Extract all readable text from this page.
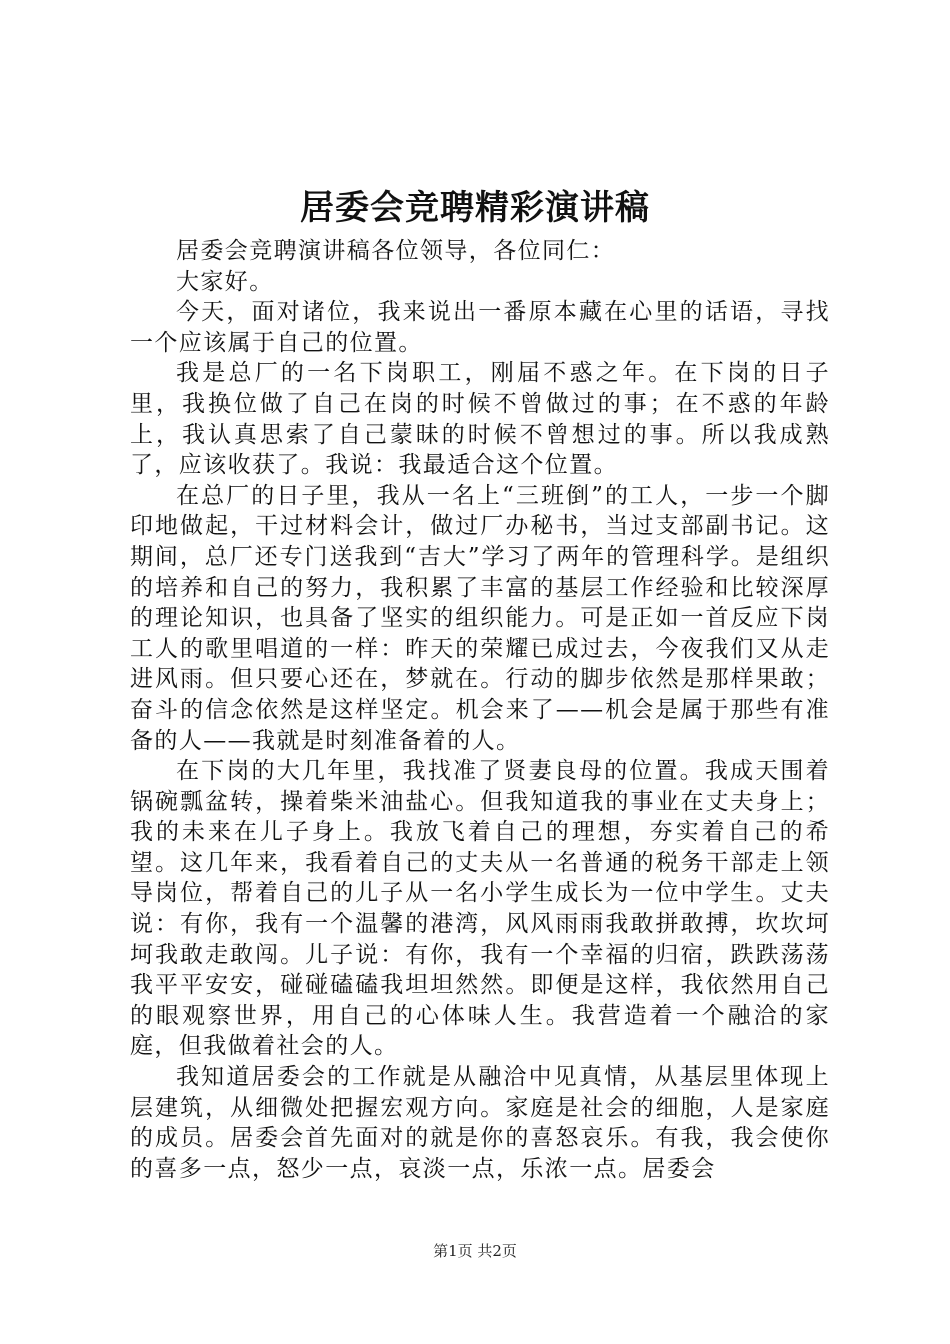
居委会竞聘精彩演讲稿

居委会竞聘演讲稿各位领导，各位同仁：

大家好。

今天，面对诸位，我来说出一番原本藏在心里的话语，寻找一个应该属于自己的位置。

我是总厂的一名下岗职工，刚届不惑之年。在下岗的日子里，我换位做了自己在岗的时候不曾做过的事；在不惑的年龄上，我认真思索了自己蒙昧的时候不曾想过的事。所以我成熟了，应该收获了。我说：我最适合这个位置。

在总厂的日子里，我从一名上“三班倒”的工人，一步一个脚印地做起，干过材料会计，做过厂办秘书，当过支部副书记。这期间，总厂还专门送我到“吉大”学习了两年的管理科学。是组织的培养和自己的努力，我积累了丰富的基层工作经验和比较深厚的理论知识，也具备了坚实的组织能力。可是正如一首反应下岗工人的歌里唱道的一样：昨天的荣耀已成过去，今夜我们又从走进风雨。但只要心还在，梦就在。行动的脚步依然是那样果敢；奋斗的信念依然是这样坚定。机会来了——机会是属于那些有准备的人——我就是时刻准备着的人。

在下岗的大几年里，我找准了贤妻良母的位置。我成天围着锅碗瓢盆转，操着柴米油盐心。但我知道我的事业在丈夫身上；我的未来在儿子身上。我放飞着自己的理想，夯实着自己的希望。这几年来，我看着自己的丈夫从一名普通的税务干部走上领导岗位，帮着自己的儿子从一名小学生成长为一位中学生。丈夫说：有你，我有一个温馨的港湾，风风雨雨我敢拼敢搏，坎坎坷坷我敢走敢闯。儿子说：有你，我有一个幸福的归宿，跌跌荡荡我平平安安，碰碰磕磕我坦坦然然。即便是这样，我依然用自己的眼观察世界，用自己的心体味人生。我营造着一个融洽的家庭，但我做着社会的人。

我知道居委会的工作就是从融洽中见真情，从基层里体现上层建筑，从细微处把握宏观方向。家庭是社会的细胞，人是家庭的成员。居委会首先面对的就是你的喜怒哀乐。有我，我会使你的喜多一点，怒少一点，哀淡一点，乐浓一点。居委会

第1页 共2页
